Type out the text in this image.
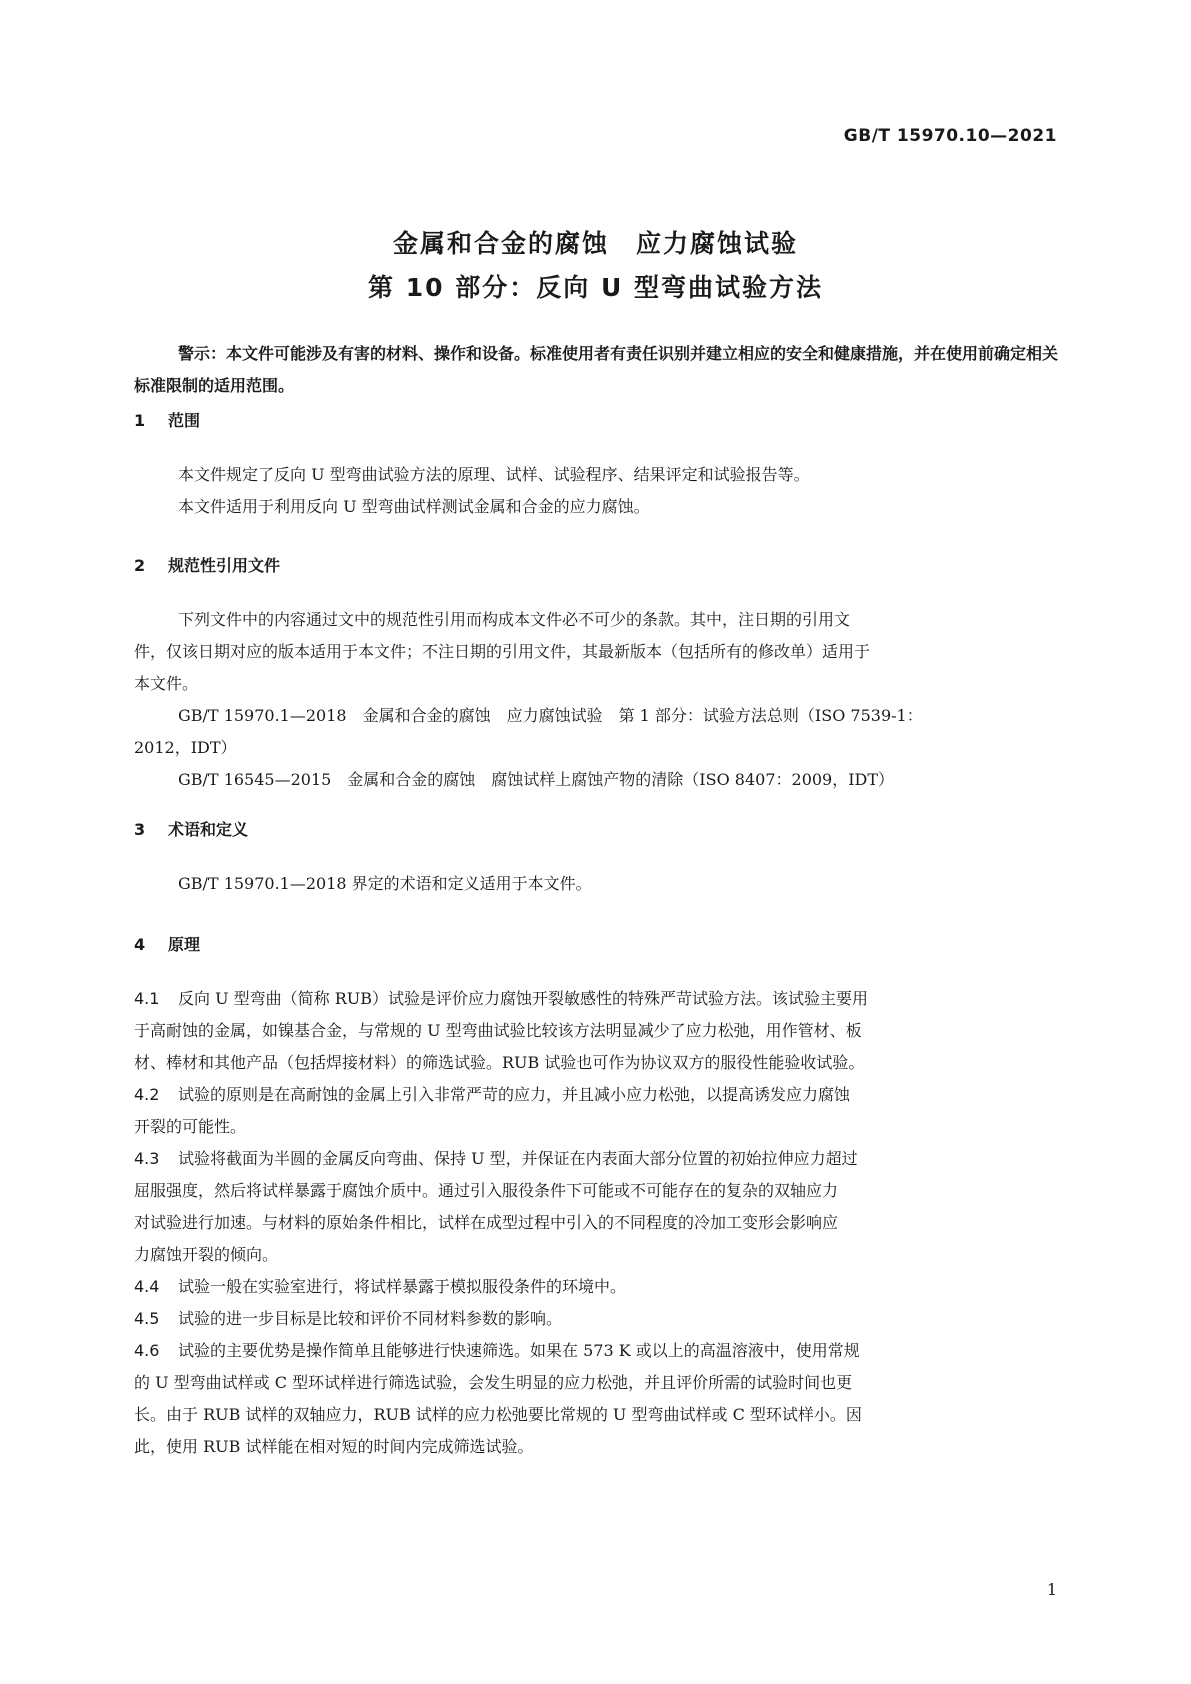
GB/T 15970.10—2021
金属和合金的腐蚀　应力腐蚀试验
第 10 部分：反向 U 型弯曲试验方法
警示：本文件可能涉及有害的材料、操作和设备。标准使用者有责任识别并建立相应的安全和健康措施，并在使用前确定相关标准限制的适用范围。
1 范围
本文件规定了反向 U 型弯曲试验方法的原理、试样、试验程序、结果评定和试验报告等。
本文件适用于利用反向 U 型弯曲试样测试金属和合金的应力腐蚀。
2 规范性引用文件
下列文件中的内容通过文中的规范性引用而构成本文件必不可少的条款。其中，注日期的引用文
件，仅该日期对应的版本适用于本文件；不注日期的引用文件，其最新版本（包括所有的修改单）适用于
本文件。
GB/T 15970.1—2018　金属和合金的腐蚀　应力腐蚀试验　第 1 部分：试验方法总则（ISO 7539-1：
2012，IDT）
GB/T 16545—2015　金属和合金的腐蚀　腐蚀试样上腐蚀产物的清除（ISO 8407：2009，IDT）
3 术语和定义
GB/T 15970.1—2018 界定的术语和定义适用于本文件。
4 原理
4.1 反向 U 型弯曲（简称 RUB）试验是评价应力腐蚀开裂敏感性的特殊严苛试验方法。该试验主要用
于高耐蚀的金属，如镍基合金，与常规的 U 型弯曲试验比较该方法明显减少了应力松弛，用作管材、板
材、棒材和其他产品（包括焊接材料）的筛选试验。RUB 试验也可作为协议双方的服役性能验收试验。
4.2 试验的原则是在高耐蚀的金属上引入非常严苛的应力，并且减小应力松弛，以提高诱发应力腐蚀
开裂的可能性。
4.3 试验将截面为半圆的金属反向弯曲、保持 U 型，并保证在内表面大部分位置的初始拉伸应力超过
屈服强度，然后将试样暴露于腐蚀介质中。通过引入服役条件下可能或不可能存在的复杂的双轴应力
对试验进行加速。与材料的原始条件相比，试样在成型过程中引入的不同程度的冷加工变形会影响应
力腐蚀开裂的倾向。
4.4 试验一般在实验室进行，将试样暴露于模拟服役条件的环境中。
4.5 试验的进一步目标是比较和评价不同材料参数的影响。
4.6 试验的主要优势是操作简单且能够进行快速筛选。如果在 573 K 或以上的高温溶液中，使用常规
的 U 型弯曲试样或 C 型环试样进行筛选试验，会发生明显的应力松弛，并且评价所需的试验时间也更
长。由于 RUB 试样的双轴应力，RUB 试样的应力松弛要比常规的 U 型弯曲试样或 C 型环试样小。因
此，使用 RUB 试样能在相对短的时间内完成筛选试验。
1
